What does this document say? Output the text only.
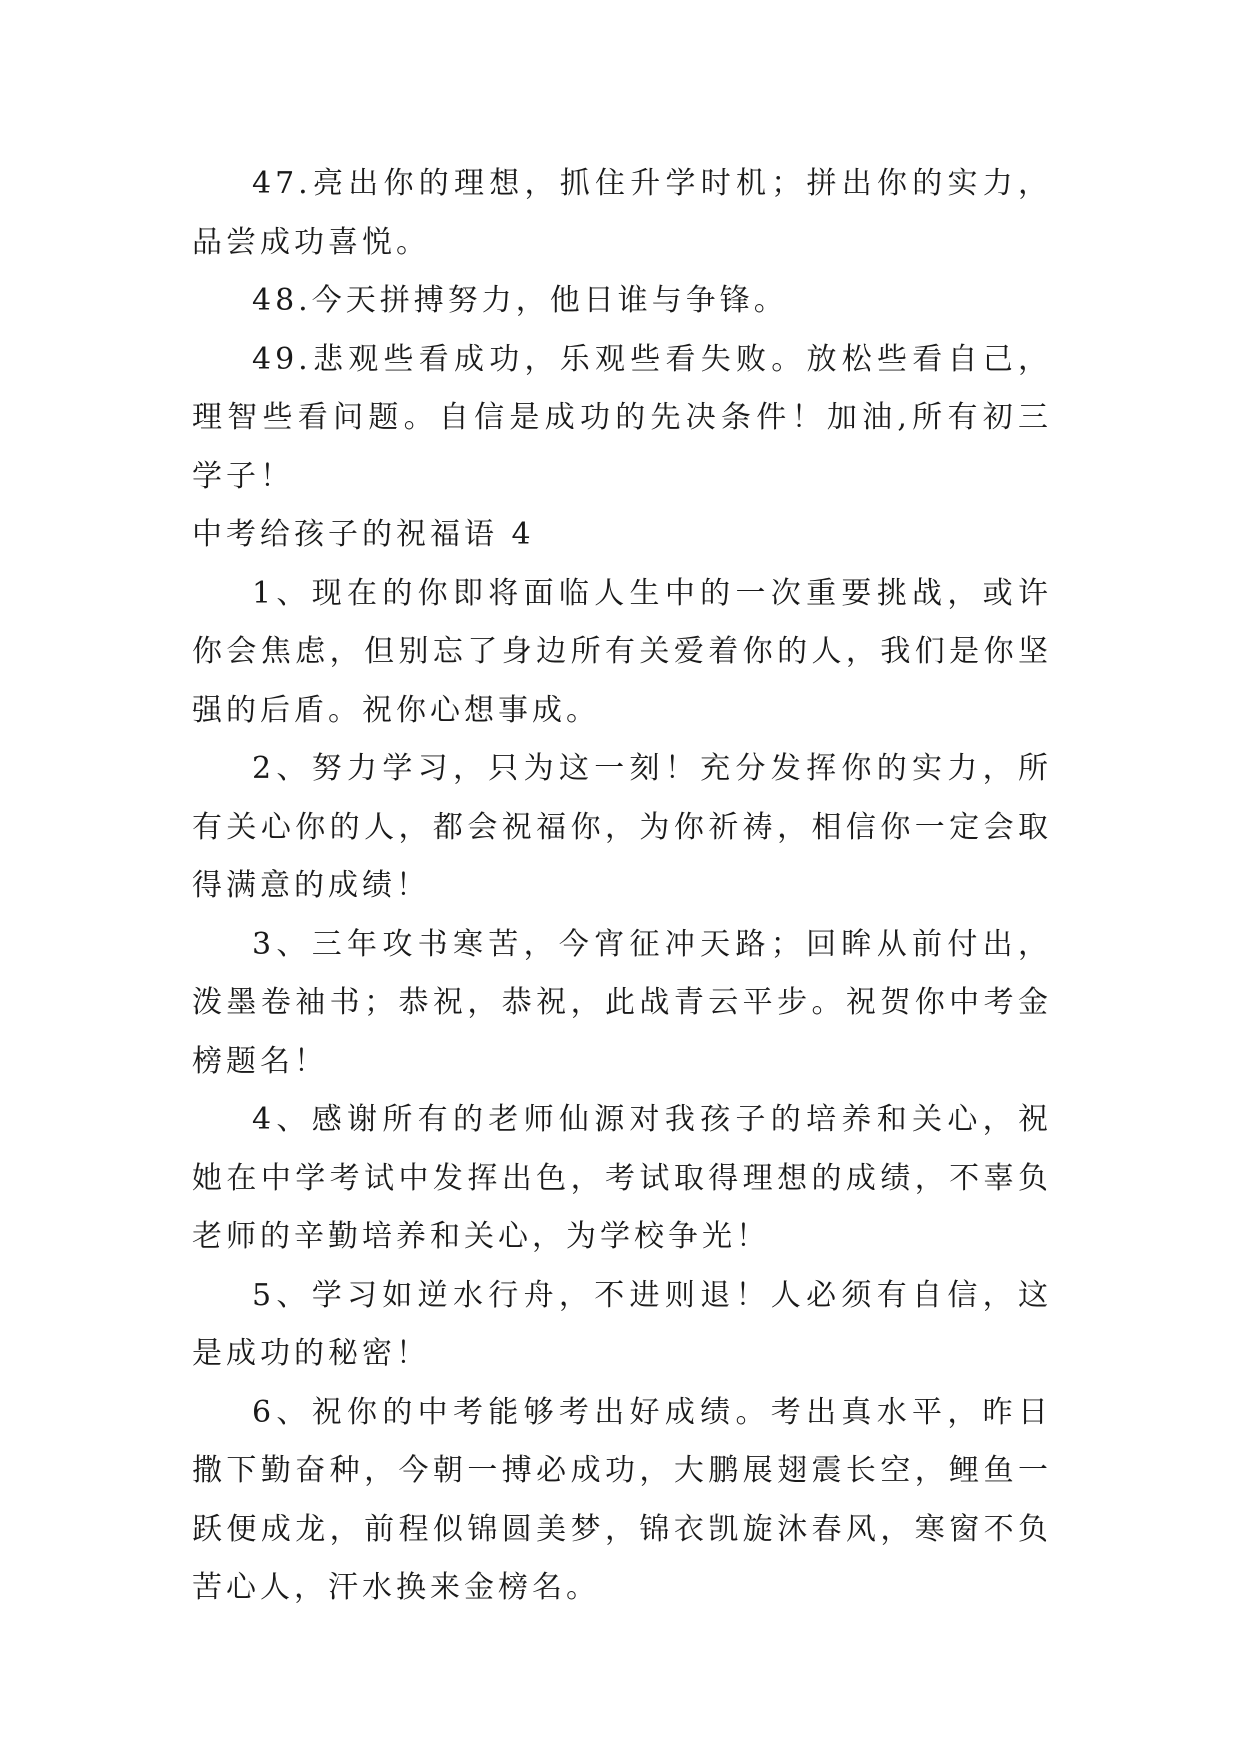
47.亮出你的理想，抓住升学时机；拼出你的实力，品尝成功喜悦。

48.今天拼搏努力，他日谁与争锋。

49.悲观些看成功，乐观些看失败。放松些看自己，理智些看问题。自信是成功的先决条件！加油,所有初三学子！

中考给孩子的祝福语 4

1、现在的你即将面临人生中的一次重要挑战，或许你会焦虑，但别忘了身边所有关爱着你的人，我们是你坚强的后盾。祝你心想事成。

2、努力学习，只为这一刻！充分发挥你的实力，所有关心你的人，都会祝福你，为你祈祷，相信你一定会取得满意的成绩！

3、三年攻书寒苦，今宵征冲天路；回眸从前付出，泼墨卷袖书；恭祝，恭祝，此战青云平步。祝贺你中考金榜题名！

4、感谢所有的老师仙源对我孩子的培养和关心，祝她在中学考试中发挥出色，考试取得理想的成绩，不辜负老师的辛勤培养和关心，为学校争光！

5、学习如逆水行舟，不进则退！人必须有自信，这是成功的秘密！

6、祝你的中考能够考出好成绩。考出真水平，昨日撒下勤奋种，今朝一搏必成功，大鹏展翅震长空，鲤鱼一跃便成龙，前程似锦圆美梦，锦衣凯旋沐春风，寒窗不负苦心人，汗水换来金榜名。
